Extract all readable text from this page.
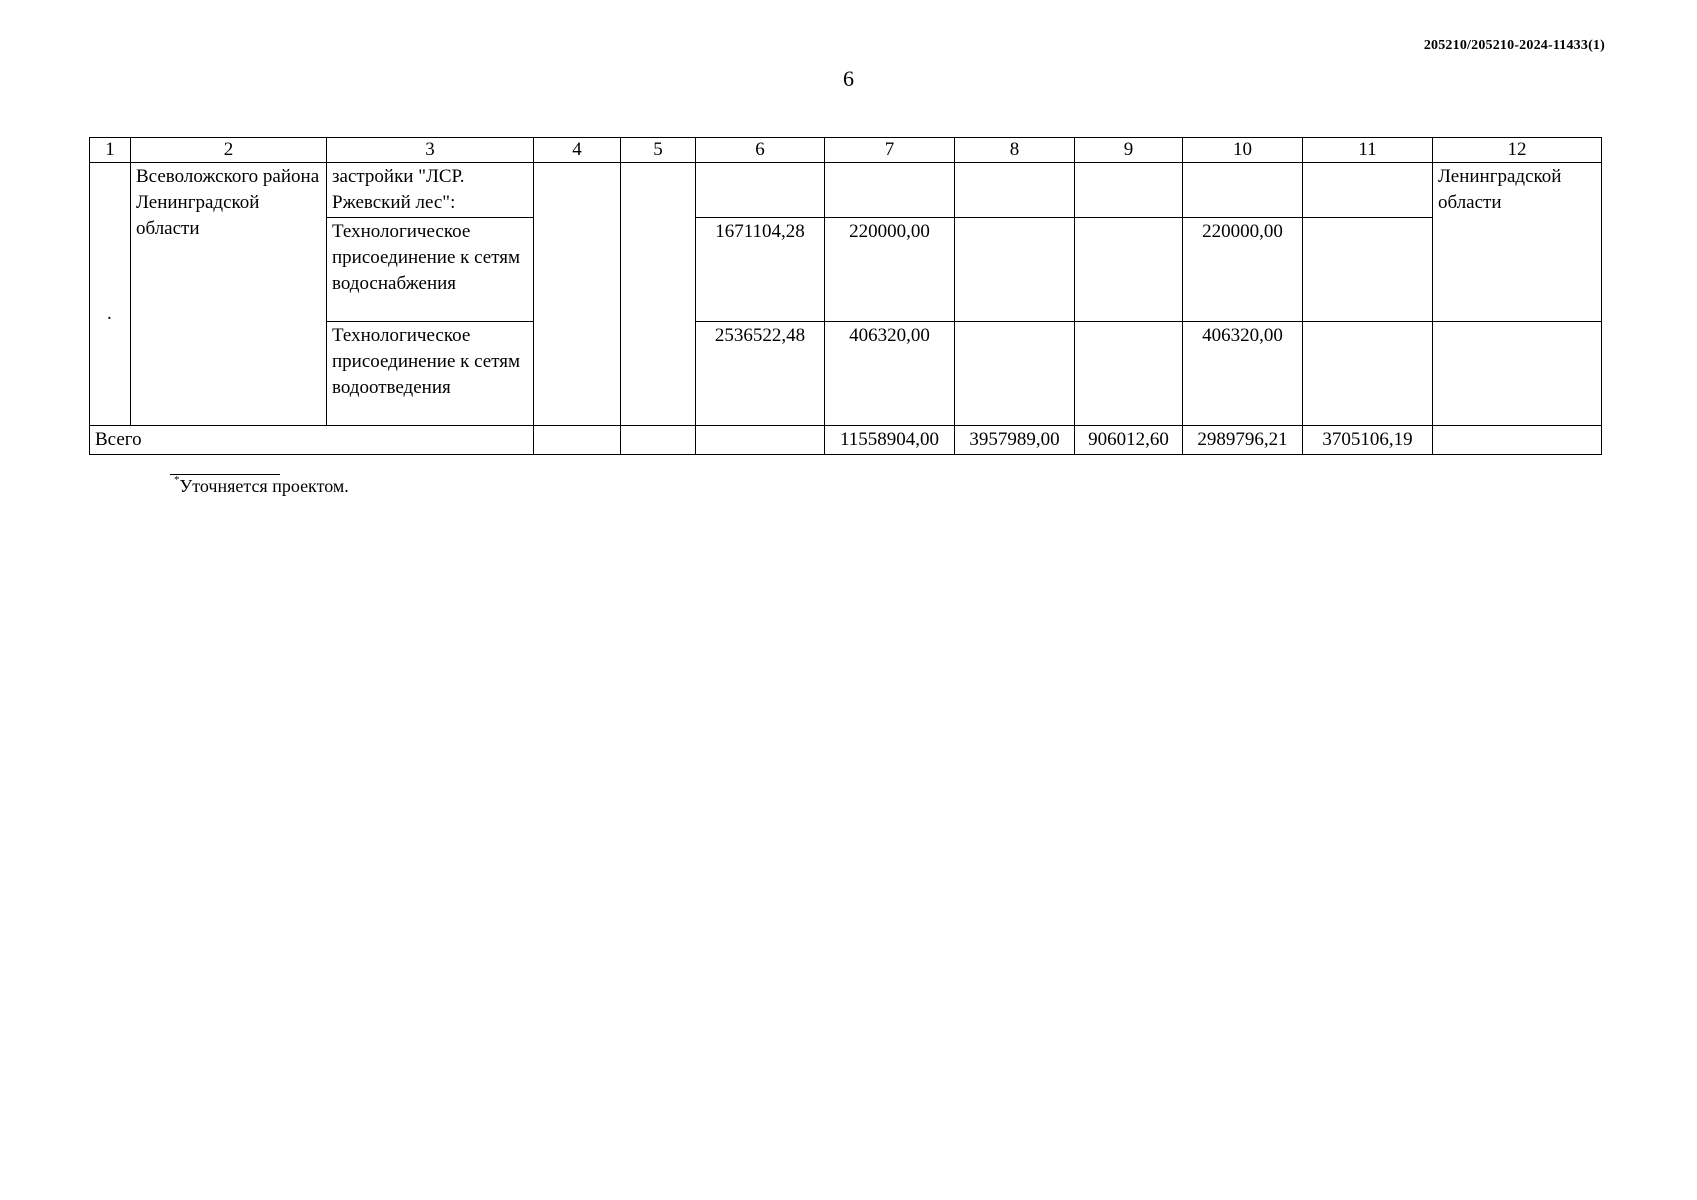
205210/205210-2024-11433(1)
6
1	2	3	4	5	6	7	8	9	10	11	12
.	Всеволожского района Ленинградской области	застройки "ЛСР. Ржевский лес":									Ленинградской области
		Технологическое присоединение к сетям водоснабжения			1671104,28	220000,00			220000,00		
		Технологическое присоединение к сетям водоотведения			2536522,48	406320,00			406320,00		
Всего						11558904,00	3957989,00	906012,60	2989796,21	3705106,19	
*Уточняется проектом.
